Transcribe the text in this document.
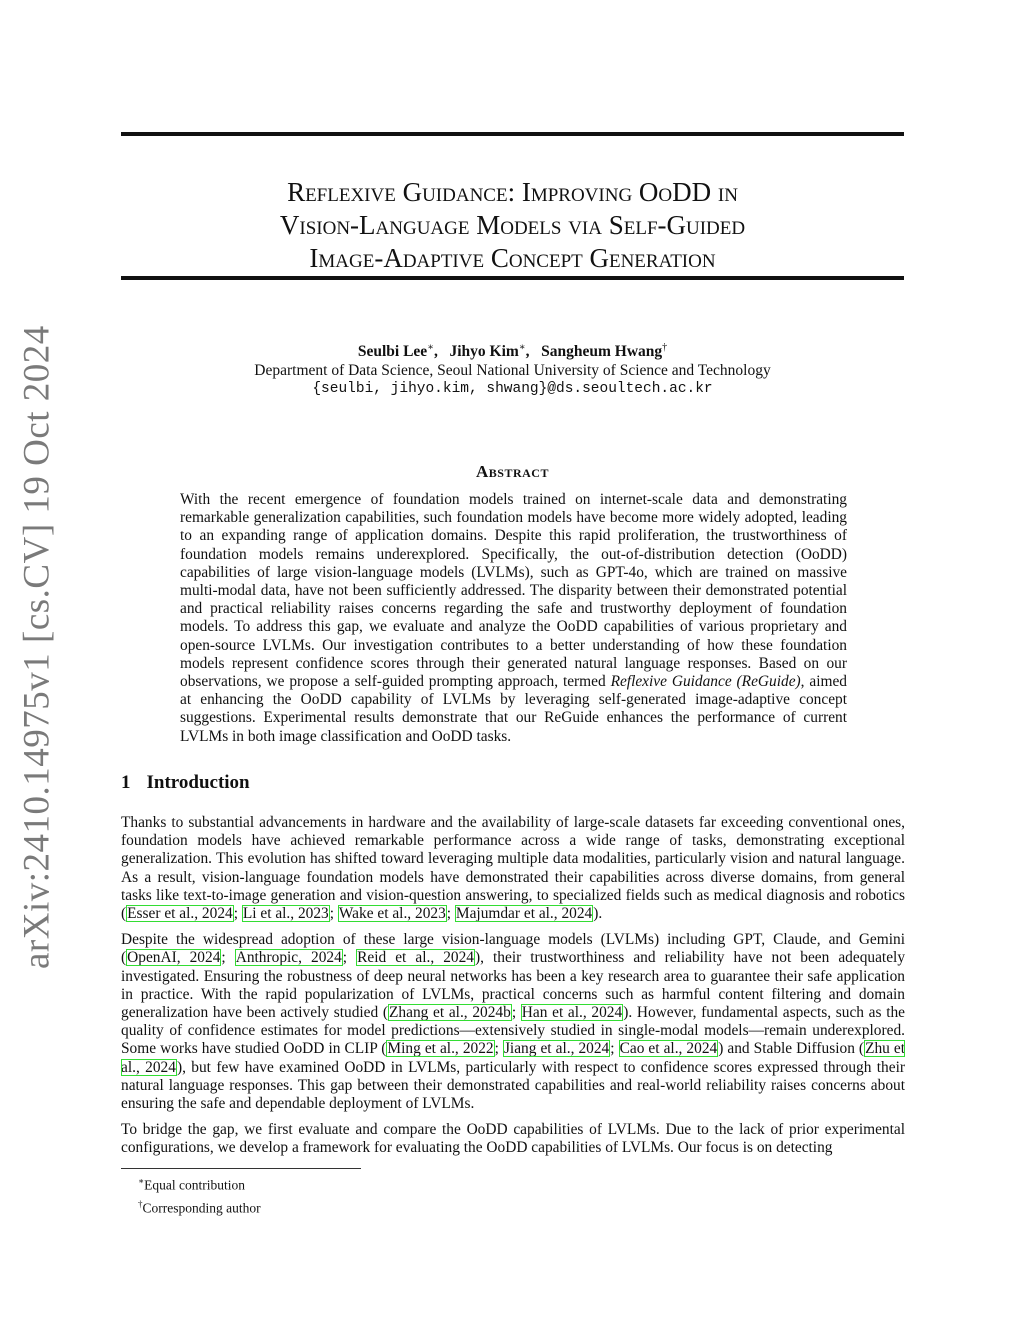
arXiv:2410.14975v1 [cs.CV] 19 Oct 2024
Reflexive Guidance: Improving OoDD in
Vision-Language Models via Self-Guided
Image-Adaptive Concept Generation
Seulbi Lee∗,   Jihyo Kim∗,   Sangheum Hwang†
Department of Data Science, Seoul National University of Science and Technology
{seulbi, jihyo.kim, shwang}@ds.seoultech.ac.kr
Abstract
With the recent emergence of foundation models trained on internet-scale data and demonstrating remarkable generalization capabilities, such foundation models have become more widely adopted, leading to an expanding range of application domains. Despite this rapid proliferation, the trustworthiness of foundation models remains underexplored. Specifically, the out-of-distribution detection (OoDD) capabilities of large vision-language models (LVLMs), such as GPT-4o, which are trained on massive multi-modal data, have not been sufficiently addressed. The disparity between their demonstrated potential and practical reliability raises concerns regarding the safe and trustworthy deployment of foundation models. To address this gap, we evaluate and analyze the OoDD capabilities of various proprietary and open-source LVLMs. Our investigation contributes to a better understanding of how these foundation models represent confidence scores through their generated natural language responses. Based on our observations, we propose a self-guided prompting approach, termed Reflexive Guidance (ReGuide), aimed at enhancing the OoDD capability of LVLMs by leveraging self-generated image-adaptive concept suggestions. Experimental results demonstrate that our ReGuide enhances the performance of current LVLMs in both image classification and OoDD tasks.
1 Introduction

Thanks to substantial advancements in hardware and the availability of large-scale datasets far exceeding conventional ones, foundation models have achieved remarkable performance across a wide range of tasks, demonstrating exceptional generalization. This evolution has shifted toward leveraging multiple data modalities, particularly vision and natural language. As a result, vision-language foundation models have demonstrated their capabilities across diverse domains, from general tasks like text-to-image generation and vision-question answering, to specialized fields such as medical diagnosis and robotics (Esser et al., 2024; Li et al., 2023; Wake et al., 2023; Majumdar et al., 2024).

Despite the widespread adoption of these large vision-language models (LVLMs) including GPT, Claude, and Gemini (OpenAI, 2024; Anthropic, 2024; Reid et al., 2024), their trustworthiness and reliability have not been adequately investigated. Ensuring the robustness of deep neural networks has been a key research area to guarantee their safe application in practice. With the rapid popularization of LVLMs, practical concerns such as harmful content filtering and domain generalization have been actively studied (Zhang et al., 2024b; Han et al., 2024). However, fundamental aspects, such as the quality of confidence estimates for model predictions—extensively studied in single-modal models—remain underexplored. Some works have studied OoDD in CLIP (Ming et al., 2022; Jiang et al., 2024; Cao et al., 2024) and Stable Diffusion (Zhu et al., 2024), but few have examined OoDD in LVLMs, particularly with respect to confidence scores expressed through their natural language responses. This gap between their demonstrated capabilities and real-world reliability raises concerns about ensuring the safe and dependable deployment of LVLMs.

To bridge the gap, we first evaluate and compare the OoDD capabilities of LVLMs. Due to the lack of prior experimental configurations, we develop a framework for evaluating the OoDD capabilities of LVLMs. Our focus is on detecting

∗Equal contribution
†Corresponding author
